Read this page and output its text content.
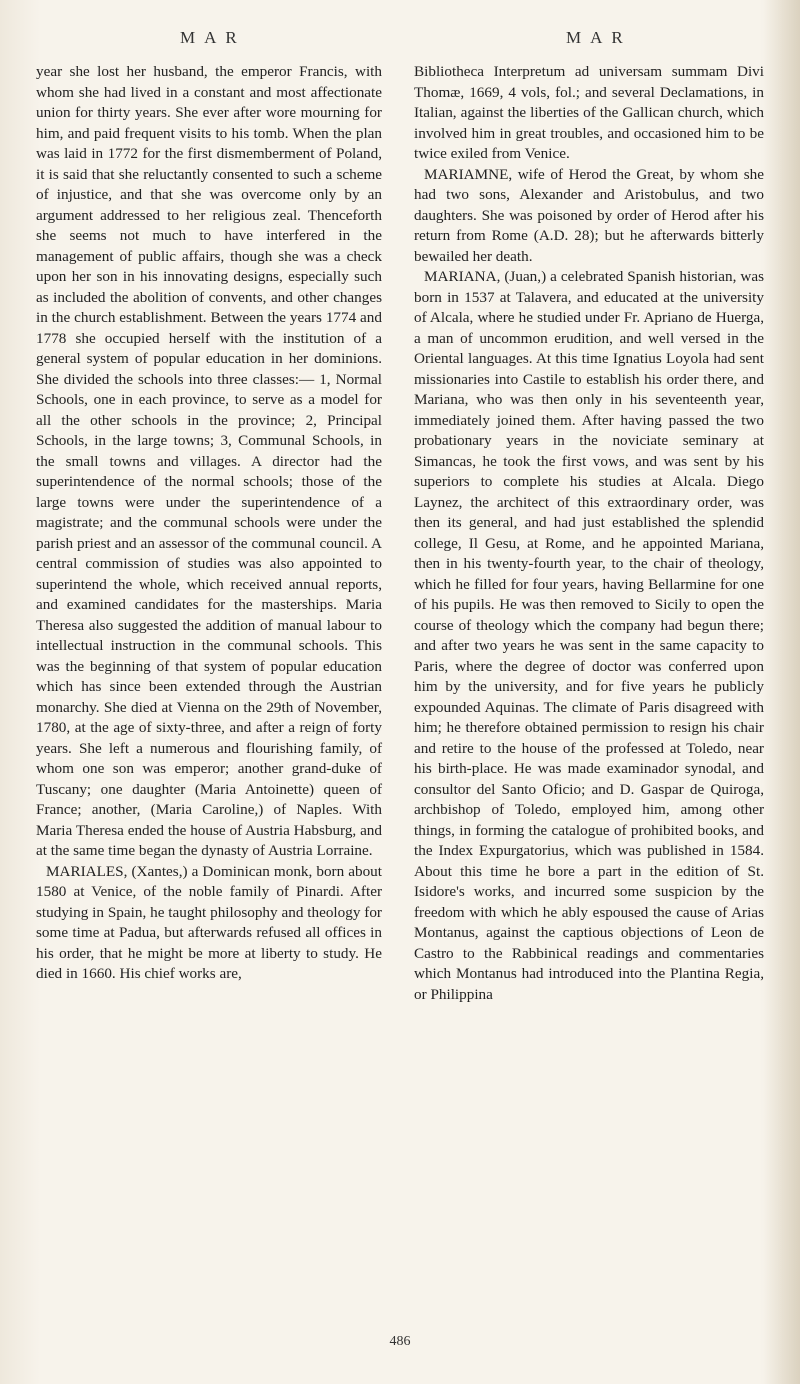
MAR	MAR

year she lost her husband, the emperor Francis, with whom she had lived in a constant and most affectionate union for thirty years. She ever after wore mourning for him, and paid frequent visits to his tomb. When the plan was laid in 1772 for the first dismemberment of Poland, it is said that she reluctantly consented to such a scheme of injustice, and that she was overcome only by an argument addressed to her religious zeal. Thenceforth she seems not much to have interfered in the management of public affairs, though she was a check upon her son in his innovating designs, especially such as included the abolition of convents, and other changes in the church establishment. Between the years 1774 and 1778 she occupied herself with the institution of a general system of popular education in her dominions. She divided the schools into three classes:— 1, Normal Schools, one in each province, to serve as a model for all the other schools in the province; 2, Principal Schools, in the large towns; 3, Communal Schools, in the small towns and villages. A director had the superintendence of the normal schools; those of the large towns were under the superintendence of a magistrate; and the communal schools were under the parish priest and an assessor of the communal council. A central commission of studies was also appointed to superintend the whole, which received annual reports, and examined candidates for the masterships. Maria Theresa also suggested the addition of manual labour to intellectual instruction in the communal schools. This was the beginning of that system of popular education which has since been extended through the Austrian monarchy. She died at Vienna on the 29th of November, 1780, at the age of sixty-three, and after a reign of forty years. She left a numerous and flourishing family, of whom one son was emperor; another grand-duke of Tuscany; one daughter (Maria Antoinette) queen of France; another, (Maria Caroline,) of Naples. With Maria Theresa ended the house of Austria Habsburg, and at the same time began the dynasty of Austria Lorraine.

MARIALES, (Xantes,) a Dominican monk, born about 1580 at Venice, of the noble family of Pinardi. After studying in Spain, he taught philosophy and theology for some time at Padua, but afterwards refused all offices in his order, that he might be more at liberty to study. He died in 1660. His chief works are,

Bibliotheca Interpretum ad universam summam Divi Thomæ, 1669, 4 vols, fol.; and several Declamations, in Italian, against the liberties of the Gallican church, which involved him in great troubles, and occasioned him to be twice exiled from Venice.

MARIAMNE, wife of Herod the Great, by whom she had two sons, Alexander and Aristobulus, and two daughters. She was poisoned by order of Herod after his return from Rome (A.D. 28); but he afterwards bitterly bewailed her death.

MARIANA, (Juan,) a celebrated Spanish historian, was born in 1537 at Talavera, and educated at the university of Alcala, where he studied under Fr. Apriano de Huerga, a man of uncommon erudition, and well versed in the Oriental languages. At this time Ignatius Loyola had sent missionaries into Castile to establish his order there, and Mariana, who was then only in his seventeenth year, immediately joined them. After having passed the two probationary years in the noviciate seminary at Simancas, he took the first vows, and was sent by his superiors to complete his studies at Alcala. Diego Laynez, the architect of this extraordinary order, was then its general, and had just established the splendid college, Il Gesu, at Rome, and he appointed Mariana, then in his twenty-fourth year, to the chair of theology, which he filled for four years, having Bellarmine for one of his pupils. He was then removed to Sicily to open the course of theology which the company had begun there; and after two years he was sent in the same capacity to Paris, where the degree of doctor was conferred upon him by the university, and for five years he publicly expounded Aquinas. The climate of Paris disagreed with him; he therefore obtained permission to resign his chair and retire to the house of the professed at Toledo, near his birth-place. He was made examinador synodal, and consultor del Santo Oficio; and D. Gaspar de Quiroga, archbishop of Toledo, employed him, among other things, in forming the catalogue of prohibited books, and the Index Expurgatorius, which was published in 1584. About this time he bore a part in the edition of St. Isidore's works, and incurred some suspicion by the freedom with which he ably espoused the cause of Arias Montanus, against the captious objections of Leon de Castro to the Rabbinical readings and commentaries which Montanus had introduced into the Plantina Regia, or Philippina

486
